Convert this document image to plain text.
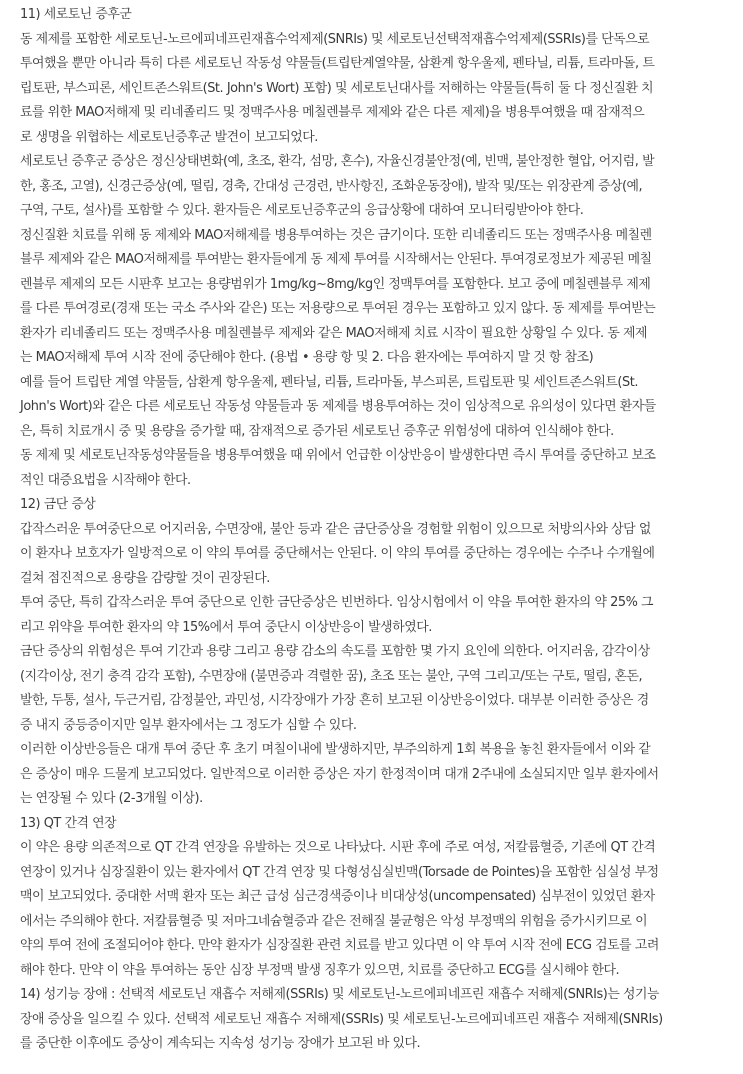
11) 세로토닌 증후군
동 제제를 포함한 세로토닌-노르에피네프린재흡수억제제(SNRIs) 및 세로토닌선택적재흡수억제제(SSRIs)를 단독으로
투여했을 뿐만 아니라 특히 다른 세로토닌 작동성 약물들(트립탄계열약물, 삼환계 항우울제, 펜타닐, 리튬, 트라마돌, 트
립토판, 부스피론, 세인트존스워트(St. John's Wort) 포함) 및 세로토닌대사를 저해하는 약물들(특히 둘 다 정신질환 치
료를 위한 MAO저해제 및 리네졸리드 및 정맥주사용 메칠렌블루 제제와 같은 다른 제제)을 병용투여했을 때 잠재적으
로 생명을 위협하는 세로토닌증후군 발견이 보고되었다.
세로토닌 증후군 증상은 정신상태변화(예, 초조, 환각, 섬망, 혼수), 자율신경불안정(예, 빈맥, 불안정한 혈압, 어지럼, 발
한, 홍조, 고열), 신경근증상(예, 떨림, 경축, 간대성 근경련, 반사항진, 조화운동장애), 발작 및/또는 위장관계 증상(예,
구역, 구토, 설사)를 포함할 수 있다. 환자들은 세로토닌증후군의 응급상황에 대하여 모니터링받아야 한다.
정신질환 치료를 위해 동 제제와 MAO저해제를 병용투여하는 것은 금기이다. 또한 리네졸리드 또는 정맥주사용 메칠렌
블루 제제와 같은 MAO저해제를 투여받는 환자들에게 동 제제 투여를 시작해서는 안된다. 투여경로정보가 제공된 메칠
렌블루 제제의 모든 시판후 보고는 용량범위가 1mg/kg~8mg/kg인 정맥투여를 포함한다. 보고 중에 메칠렌블루 제제
를 다른 투여경로(경재 또는 국소 주사와 같은) 또는 저용량으로 투여된 경우는 포함하고 있지 않다. 동 제제를 투여받는
환자가 리네졸리드 또는 정맥주사용 메칠렌블루 제제와 같은 MAO저해제 치료 시작이 필요한 상황일 수 있다. 동 제제
는 MAO저해제 투여 시작 전에 중단해야 한다. (용법 • 용량 항 및 2. 다음 환자에는 투여하지 말 것 항 참조)
예를 들어 트립탄 계열 약물들, 삼환계 항우울제, 펜타닐, 리튬, 트라마돌, 부스피론, 트립토판 및 세인트존스워트(St.
John's Wort)와 같은 다른 세로토닌 작동성 약물들과 동 제제를 병용투여하는 것이 임상적으로 유의성이 있다면 환자들
은, 특히 치료개시 중 및 용량을 증가할 때, 잠재적으로 증가된 세로토닌 증후군 위험성에 대하여 인식해야 한다.
동 제제 및 세로토닌작동성약물들을 병용투여했을 때 위에서 언급한 이상반응이 발생한다면 즉시 투여를 중단하고 보조
적인 대증요법을 시작해야 한다.
12) 금단 증상
갑작스러운 투여중단으로 어지러움, 수면장애, 불안 등과 같은 금단증상을 경험할 위험이 있으므로 처방의사와 상담 없
이 환자나 보호자가 일방적으로 이 약의 투여를 중단해서는 안된다. 이 약의 투여를 중단하는 경우에는 수주나 수개월에
걸쳐 점진적으로 용량을 감량할 것이 권장된다.
투여 중단, 특히 갑작스러운 투여 중단으로 인한 금단증상은 빈번하다. 임상시험에서 이 약을 투여한 환자의 약 25% 그
리고 위약을 투여한 환자의 약 15%에서 투여 중단시 이상반응이 발생하였다.
금단 증상의 위험성은 투여 기간과 용량 그리고 용량 감소의 속도를 포함한 몇 가지 요인에 의한다. 어지러움, 감각이상
(지각이상, 전기 충격 감각 포함), 수면장애 (불면증과 격렬한 꿈), 초조 또는 불안, 구역 그리고/또는 구토, 떨림, 혼돈,
발한, 두통, 설사, 두근거림, 감정불안, 과민성, 시각장애가 가장 흔히 보고된 이상반응이었다. 대부분 이러한 증상은 경
증 내지 중등증이지만 일부 환자에서는 그 정도가 심할 수 있다.
이러한 이상반응들은 대개 투여 중단 후 초기 며칠이내에 발생하지만, 부주의하게 1회 복용을 놓친 환자들에서 이와 같
은 증상이 매우 드물게 보고되었다. 일반적으로 이러한 증상은 자기 한정적이며 대개 2주내에 소실되지만 일부 환자에서
는 연장될 수 있다 (2-3개월 이상).
13) QT 간격 연장
이 약은 용량 의존적으로 QT 간격 연장을 유발하는 것으로 나타났다. 시판 후에 주로 여성, 저칼륨혈증, 기존에 QT 간격
연장이 있거나 심장질환이 있는 환자에서 QT 간격 연장 및 다형성심실빈맥(Torsade de Pointes)을 포함한 심실성 부정
맥이 보고되었다. 중대한 서맥 환자 또는 최근 급성 심근경색증이나 비대상성(uncompensated) 심부전이 있었던 환자
에서는 주의해야 한다. 저칼륨혈증 및 저마그네슘혈증과 같은 전해질 불균형은 악성 부정맥의 위험을 증가시키므로 이
약의 투여 전에 조절되어야 한다. 만약 환자가 심장질환 관련 치료를 받고 있다면 이 약 투여 시작 전에 ECG 검토를 고려
해야 한다. 만약 이 약을 투여하는 동안 심장 부정맥 발생 징후가 있으면, 치료를 중단하고 ECG를 실시해야 한다.
14) 성기능 장애 : 선택적 세로토닌 재흡수 저해제(SSRIs) 및 세로토닌-노르에피네프린 재흡수 저해제(SNRIs)는 성기능
장애 증상을 일으킬 수 있다. 선택적 세로토닌 재흡수 저해제(SSRIs) 및 세로토닌-노르에피네프린 재흡수 저해제(SNRIs)
를 중단한 이후에도 증상이 계속되는 지속성 성기능 장애가 보고된 바 있다.
